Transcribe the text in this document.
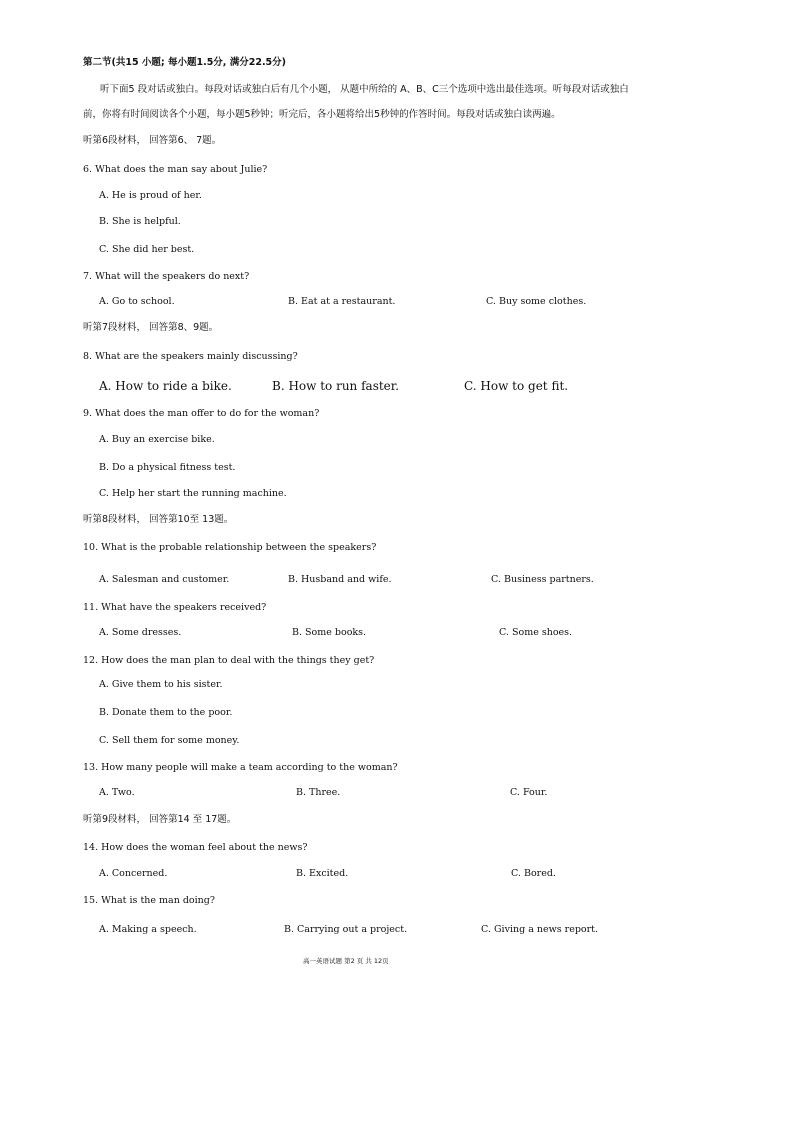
第二节(共15 小题; 每小题1.5分, 满分22.5分)
听下面5 段对话或独白。每段对话或独白后有几个小题， 从题中所给的 A、B、C三个选项中选出最佳选项。听每段对话或独白
前，你将有时间阅读各个小题，每小题5秒钟；听完后，各小题将给出5秒钟的作答时间。每段对话或独白读两遍。
听第6段材料， 回答第6、 7题。
6. What does the man say about Julie?
A. He is proud of her.
B. She is helpful.
C. She did her best.
7. What will the speakers do next?
A. Go to school.	B. Eat at a restaurant.	C. Buy some clothes.
听第7段材料， 回答第8、9题。
8. What are the speakers mainly discussing?
A. How to ride a bike.	B. How to run faster.	C. How to get fit.
9. What does the man offer to do for the woman?
A. Buy an exercise bike.
B. Do a physical fitness test.
C. Help her start the running machine.
听第8段材料， 回答第10至 13题。
10. What is the probable relationship between the speakers?
A. Salesman and customer.	B. Husband and wife.	C. Business partners.
11. What have the speakers received?
A. Some dresses.	B. Some books.	C. Some shoes.
12. How does the man plan to deal with the things they get?
A. Give them to his sister.
B. Donate them to the poor.
C. Sell them for some money.
13. How many people will make a team according to the woman?
A. Two.	B. Three.	C. Four.
听第9段材料， 回答第14 至 17题。
14. How does the woman feel about the news?
A. Concerned.	B. Excited.	C. Bored.
15. What is the man doing?
A. Making a speech.	B. Carrying out a project.	C. Giving a news report.
高一英语试题 第2 页 共 12页
